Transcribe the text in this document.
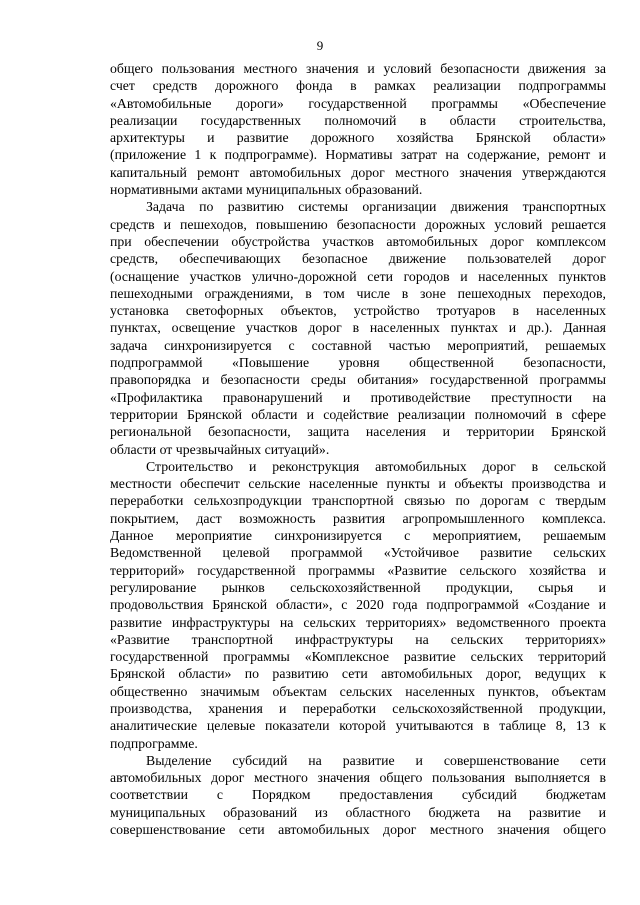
9
общего пользования местного значения и условий безопасности движения за
счет средств дорожного фонда в рамках реализации подпрограммы
«Автомобильные дороги» государственной программы «Обеспечение
реализации государственных полномочий в области строительства,
архитектуры и развитие дорожного хозяйства Брянской области»
(приложение 1 к подпрограмме). Нормативы затрат на содержание, ремонт и
капитальный ремонт автомобильных дорог местного значения утверждаются
нормативными актами муниципальных образований.
Задача по развитию системы организации движения транспортных
средств и пешеходов, повышению безопасности дорожных условий решается
при обеспечении обустройства участков автомобильных дорог комплексом
средств, обеспечивающих безопасное движение пользователей дорог
(оснащение участков улично-дорожной сети городов и населенных пунктов
пешеходными ограждениями, в том числе в зоне пешеходных переходов,
установка светофорных объектов, устройство тротуаров в населенных
пунктах, освещение участков дорог в населенных пунктах и др.). Данная
задача синхронизируется с составной частью мероприятий, решаемых
подпрограммой «Повышение уровня общественной безопасности,
правопорядка и безопасности среды обитания» государственной программы
«Профилактика правонарушений и противодействие преступности на
территории Брянской области и содействие реализации полномочий в сфере
региональной безопасности, защита населения и территории Брянской
области от чрезвычайных ситуаций».
Строительство и реконструкция автомобильных дорог в сельской
местности обеспечит сельские населенные пункты и объекты производства и
переработки сельхозпродукции транспортной связью по дорогам с твердым
покрытием, даст возможность развития агропромышленного комплекса.
Данное мероприятие синхронизируется с мероприятием, решаемым
Ведомственной целевой программой «Устойчивое развитие сельских
территорий» государственной программы «Развитие сельского хозяйства и
регулирование рынков сельскохозяйственной продукции, сырья и
продовольствия Брянской области», с 2020 года подпрограммой «Создание и
развитие инфраструктуры на сельских территориях» ведомственного проекта
«Развитие транспортной инфраструктуры на сельских территориях»
государственной программы «Комплексное развитие сельских территорий
Брянской области» по развитию сети автомобильных дорог, ведущих к
общественно значимым объектам сельских населенных пунктов, объектам
производства, хранения и переработки сельскохозяйственной продукции,
аналитические целевые показатели которой учитываются в таблице 8, 13 к
подпрограмме.
Выделение субсидий на развитие и совершенствование сети
автомобильных дорог местного значения общего пользования выполняется в
соответствии с Порядком предоставления субсидий бюджетам
муниципальных образований из областного бюджета на развитие и
совершенствование сети автомобильных дорог местного значения общего
